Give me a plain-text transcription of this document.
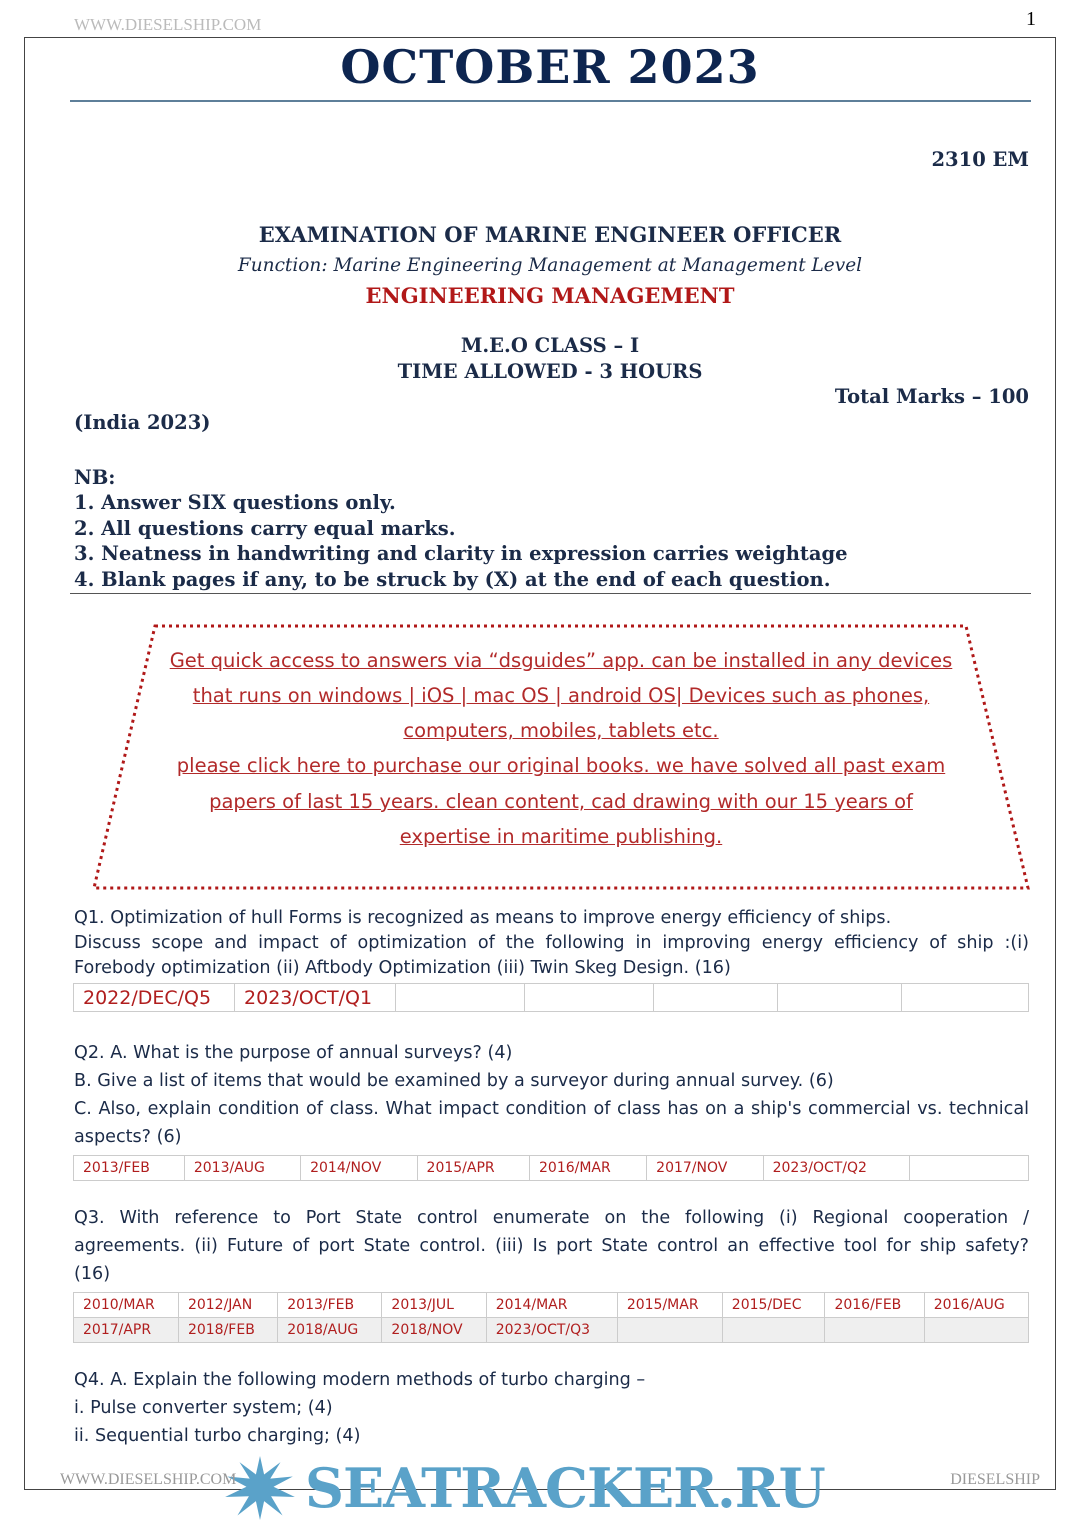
WWW.DIESELSHIP.COM	1
OCTOBER 2023
2310 EM
EXAMINATION OF MARINE ENGINEER OFFICER
Function: Marine Engineering Management at Management Level
ENGINEERING MANAGEMENT
M.E.O CLASS – I
TIME ALLOWED - 3 HOURS
Total Marks – 100
(India 2023)
NB:
1. Answer SIX questions only.
2. All questions carry equal marks.
3. Neatness in handwriting and clarity in expression carries weightage
4. Blank pages if any, to be struck by (X) at the end of each question.
Get quick access to answers via “dsguides” app. can be installed in any devices
that runs on windows | iOS | mac OS | android OS| Devices such as phones,
computers, mobiles, tablets etc.
please click here to purchase our original books. we have solved all past exam
papers of last 15 years. clean content, cad drawing with our 15 years of
expertise in maritime publishing.
Q1. Optimization of hull Forms is recognized as means to improve energy efficiency of ships.
Discuss scope and impact of optimization of the following in improving energy efficiency of ship :(i)
Forebody optimization (ii) Aftbody Optimization (iii) Twin Skeg Design. (16)
2022/DEC/Q5	2023/OCT/Q1					
Q2. A. What is the purpose of annual surveys? (4)
B. Give a list of items that would be examined by a surveyor during annual survey. (6)
C. Also, explain condition of class. What impact condition of class has on a ship's commercial vs. technical
aspects? (6)
2013/FEB	2013/AUG	2014/NOV	2015/APR	2016/MAR	2017/NOV	2023/OCT/Q2	
Q3. With reference to Port State control enumerate on the following (i) Regional cooperation /
agreements. (ii) Future of port State control. (iii) Is port State control an effective tool for ship safety?
(16)
2010/MAR	2012/JAN	2013/FEB	2013/JUL	2014/MAR	2015/MAR	2015/DEC	2016/FEB	2016/AUG
2017/APR	2018/FEB	2018/AUG	2018/NOV	2023/OCT/Q3				
Q4. A. Explain the following modern methods of turbo charging –
i. Pulse converter system; (4)
ii. Sequential turbo charging; (4)
SEATRACKER.RU
WWW.DIESELSHIP.COM	DIESELSHIP
